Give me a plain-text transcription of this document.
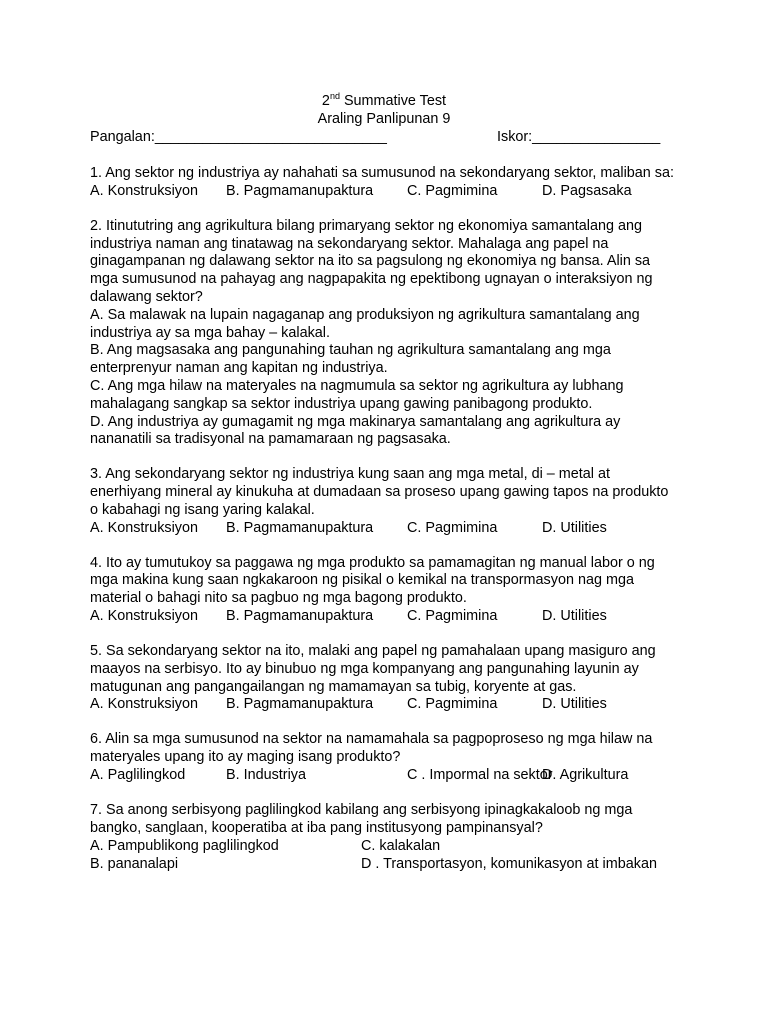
2nd Summative Test
Araling Panlipunan 9
Pangalan:_____________________________	Iskor:________________

1. Ang sektor ng industriya ay nahahati sa sumusunod na sekondaryang sektor, maliban sa:

A. Konstruksiyon B. Pagmamanupaktura C. Pagmimina	D. Pagsasaka

2. Itinututring ang agrikultura bilang primaryang sektor ng ekonomiya samantalang ang industriya naman ang tinatawag na sekondaryang sektor. Mahalaga ang papel na ginagampanan ng dalawang sektor na ito sa pagsulong ng ekonomiya ng bansa. Alin sa mga sumusunod na pahayag ang nagpapakita ng epektibong ugnayan o interaksiyon ng dalawang sektor?

A. Sa malawak na lupain nagaganap ang produksiyon ng agrikultura samantalang ang industriya ay sa mga bahay – kalakal.

B. Ang magsasaka ang pangunahing tauhan ng agrikultura samantalang ang mga enterprenyur naman ang kapitan ng industriya.

C. Ang mga hilaw na materyales na nagmumula sa sektor ng agrikultura ay lubhang mahalagang sangkap sa sektor industriya upang gawing panibagong produkto.

D. Ang industriya ay gumagamit ng mga makinarya samantalang ang agrikultura ay nananatili sa tradisyonal na pamamaraan ng pagsasaka.

3. Ang sekondaryang sektor ng industriya kung saan ang mga metal, di – metal at enerhiyang mineral ay kinukuha at dumadaan sa proseso upang gawing tapos na produkto o kabahagi ng isang yaring kalakal.

A. Konstruksiyon B. Pagmamanupaktura C. Pagmimina	D. Utilities

4. Ito ay tumutukoy sa paggawa ng mga produkto sa pamamagitan ng manual labor o ng mga makina kung saan ngkakaroon ng pisikal o kemikal na transpormasyon nag mga material o bahagi nito sa pagbuo ng mga bagong produkto.

A. Konstruksiyon B. Pagmamanupaktura C. Pagmimina	D. Utilities

5. Sa sekondaryang sektor na ito, malaki ang papel ng pamahalaan upang masiguro ang maayos na serbisyo. Ito ay binubuo ng mga kompanyang ang pangunahing layunin ay matugunan ang pangangailangan ng mamamayan sa tubig, koryente at gas.

A. Konstruksiyon B. Pagmamanupaktura C. Pagmimina	D. Utilities

6. Alin sa mga sumusunod na sektor na namamahala sa pagpoproseso ng mga hilaw na materyales upang ito ay maging isang produkto?

A. Paglilingkod	B. Industriya	C . Impormal na sektor
D. Agrikultura

7. Sa anong serbisyong paglilingkod kabilang ang serbisyong ipinagkakaloob ng mga bangko, sanglaan, kooperatiba at iba pang institusyong pampinansyal?

A. Pampublikong paglilingkod	C. kalakalan
B. pananalapi	D . Transportasyon, komunikasyon at imbakan
